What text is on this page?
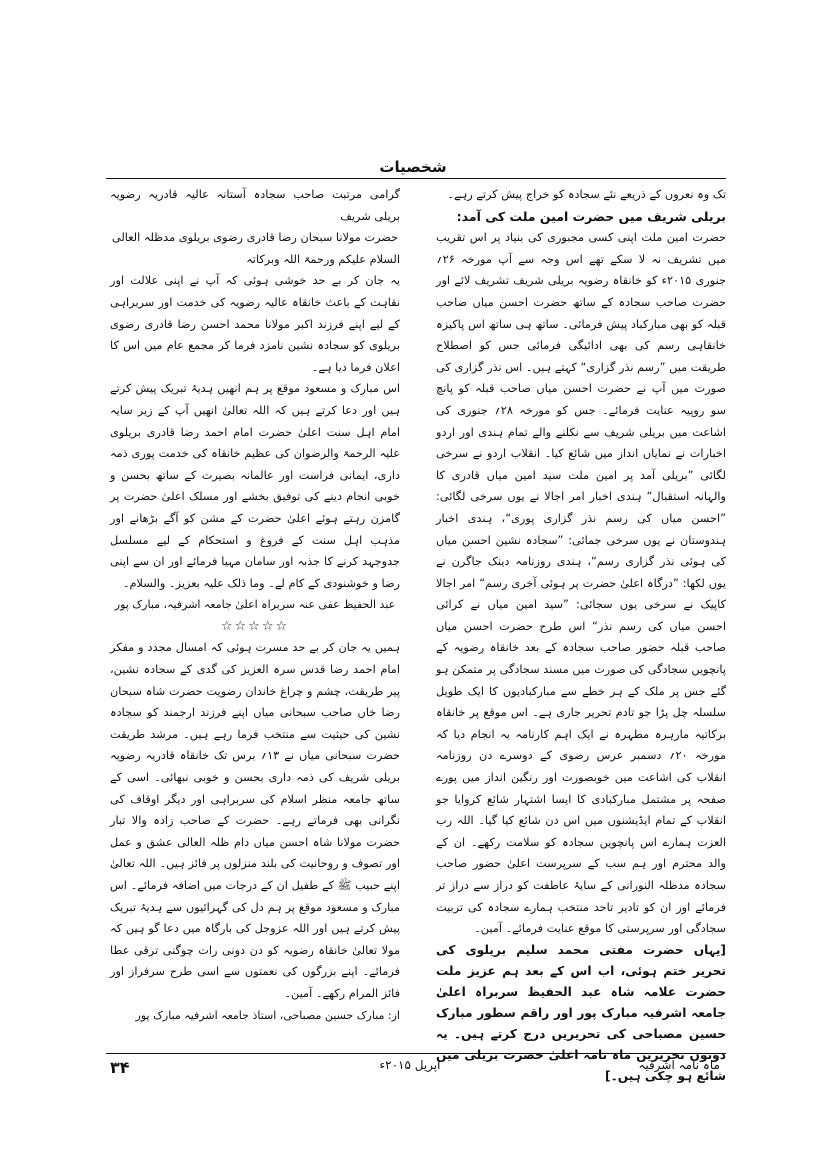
شخصیات

تک وہ نعروں کے ذریعے نئے سجادہ کو خراج پیش کرتے رہے۔

بریلی شریف میں حضرت امین ملت کی آمد:

حضرت امین ملت اپنی کسی مجبوری کی بنیاد پر اس تقریب میں تشریف نہ لا سکے تھے اس وجہ سے آپ مورخہ ۲۶؍ جنوری ۲۰۱۵ء کو خانقاہ رضویہ بریلی شریف تشریف لائے اور حضرت صاحب سجادہ کے ساتھ حضرت احسن میاں صاحب قبلہ کو بھی مبارکباد پیش فرمائی۔ ساتھ ہی ساتھ اس پاکیزہ خانقاہی رسم کی بھی ادائیگی فرمائی جس کو اصطلاح طریقت میں ”رسم نذر گزاری“ کہتے ہیں۔ اس نذر گزاری کی صورت میں آپ نے حضرت احسن میاں صاحب قبلہ کو پانچ سو روپیہ عنایت فرمائے۔ جس کو مورخہ ۲۸؍ جنوری کی اشاعت میں بریلی شریف سے نکلنے والے تمام ہندی اور اردو اخبارات نے نمایاں انداز میں شائع کیا۔ انقلاب اردو نے سرخی لگائی ”بریلی آمد پر امین ملت سید امین میاں قادری کا والہانہ استقبال“ ہندی اخبار امر اجالا نے یوں سرخی لگائی: ”احسن میاں کی رسم نذر گزاری پوری“، ہندی اخبار ہندوستان نے یوں سرخی جمائی: ”سجادہ نشین احسن میاں کی ہوئی نذر گزاری رسم“، ہندی روزنامہ دینک جاگرن نے یوں لکھا: ”درگاہ اعلیٰ حضرت پر ہوئی آخری رسم“ امر اجالا کاپیک نے سرخی یوں سجائی: ”سید امین میاں نے کرائی احسن میاں کی رسم نذر“ اس طرح حضرت احسن میاں صاحب قبلہ حضور صاحب سجادہ کے بعد خانقاہ رضویہ کے پانچویں سجادگی کی صورت میں مسند سجادگی پر متمکن ہو گئے جس پر ملک کے ہر خطے سے مبارکبادیوں کا ایک طویل سلسلہ چل پڑا جو تادم تحریر جاری ہے۔ اس موقع پر خانقاہ برکاتیہ مارہرہ مطہرہ نے ایک اہم کارنامہ یہ انجام دیا کہ مورخہ ۲۰؍ دسمبر عرس رضوی کے دوسرے دن روزنامہ انقلاب کی اشاعت میں خوبصورت اور رنگین انداز میں پورے صفحہ پر مشتمل مبارکبادی کا ایسا اشتہار شائع کروایا جو انقلاب کے تمام ایڈیشنوں میں اس دن شائع کیا گیا۔ اللہ رب العزت ہمارے اس پانچویں سجادہ کو سلامت رکھے۔ ان کے والد محترم اور ہم سب کے سرپرست اعلیٰ حضور صاحب سجادہ مدظلہ النورانی کے سایۂ عاطفت کو دراز سے دراز تر فرمائے اور ان کو تادیر تاحد منتخب ہمارے سجادہ کی تربیت سجادگی اور سرپرستی کا موقع عنایت فرمائے۔ آمین۔

[یہاں حضرت مفتی محمد سلیم بریلوی کی تحریر ختم ہوئی، اب اس کے بعد ہم عزیز ملت حضرت علامہ شاہ عبد الحفیظ سربراہ اعلیٰ جامعہ اشرفیہ مبارک پور اور راقم سطور مبارک حسین مصباحی کی تحریریں درج کرتے ہیں۔ یہ دونوں تحریریں ماہ نامہ اعلیٰ حضرت بریلی میں شائع ہو چکی ہیں۔]

گرامی مرتبت صاحب سجادہ آستانہ عالیہ قادریہ رضویہ بریلی شریف
حضرت مولانا سبحان رضا قادری رضوی بریلوی مدظلہ العالی
السلام علیکم ورحمۃ اللہ وبرکاتہ

یہ جان کر بے حد خوشی ہوئی کہ آپ نے اپنی علالت اور نقاہت کے باعث خانقاہ عالیہ رضویہ کی خدمت اور سربراہی کے لیے اپنے فرزند اکبر مولانا محمد احسن رضا قادری رضوی بریلوی کو سجادہ نشین نامزد فرما کر مجمع عام میں اس کا اعلان فرما دیا ہے۔

اس مبارک و مسعود موقع پر ہم انھیں ہدیۂ تبریک پیش کرتے ہیں اور دعا کرتے ہیں کہ اللہ تعالیٰ انھیں آپ کے زیر سایہ امام اہل سنت اعلیٰ حضرت امام احمد رضا قادری بریلوی علیہ الرحمۃ والرضوان کی عظیم خانقاہ کی خدمت پوری ذمہ داری، ایمانی فراست اور عالمانہ بصیرت کے ساتھ بحسن و خوبی انجام دینے کی توفیق بخشے اور مسلک اعلیٰ حضرت پر گامزن رہتے ہوئے اعلیٰ حضرت کے مشن کو آگے بڑھانے اور مذہب اہل سنت کے فروغ و استحکام کے لیے مسلسل جدوجہد کرنے کا جذبہ اور سامان مہیا فرمائے اور ان سے اپنی رضا و خوشنودی کے کام لے۔ وما ذلک علیہ بعزیز۔ والسلام۔

عبد الحفیظ عفی عنہ سربراہ اعلیٰ جامعہ اشرفیہ، مبارک پور
☆☆☆☆☆

ہمیں یہ جان کر بے حد مسرت ہوئی کہ امسال مجدد و مفکر امام احمد رضا قدس سرہ العزیز کی گدی کے سجادہ نشین، پیر طریقت، چشم و چراغ خاندان رضویت حضرت شاہ سبحان رضا خاں صاحب سبحانی میاں اپنے فرزند ارجمند کو سجادہ نشین کی حیثیت سے منتخب فرما رہے ہیں۔ مرشد طریقت حضرت سبحانی میاں نے ۱۳؍ برس تک خانقاہ قادریہ رضویہ بریلی شریف کی ذمہ داری بحسن و خوبی نبھائی۔ اسی کے ساتھ جامعہ منظر اسلام کی سربراہی اور دیگر اوقاف کی نگرانی بھی فرماتے رہے۔ حضرت کے صاحب زادہ والا تبار حضرت مولانا شاہ احسن میاں دام ظلہ العالی عشق و عمل اور تصوف و روحانیت کی بلند منزلوں پر فائز ہیں۔ اللہ تعالیٰ اپنے حبیب ﷺ کے طفیل ان کے درجات میں اضافہ فرمائے۔ اس مبارک و مسعود موقع پر ہم دل کی گہرائیوں سے ہدیۂ تبریک پیش کرتے ہیں اور اللہ عزوجل کی بارگاہ میں دعا گو ہیں کہ مولا تعالیٰ خانقاہ رضویہ کو دن دونی رات چوگنی ترقی عطا فرمائے۔ اپنے بزرگوں کی نعمتوں سے اسی طرح سرفراز اور فائز المرام رکھے۔ آمین۔

از: مبارک حسین مصباحی، استاذ جامعہ اشرفیہ مبارک پور
ماہ نامہ اشرفیہ
اپریل ۲۰۱۵ء
۳۴
